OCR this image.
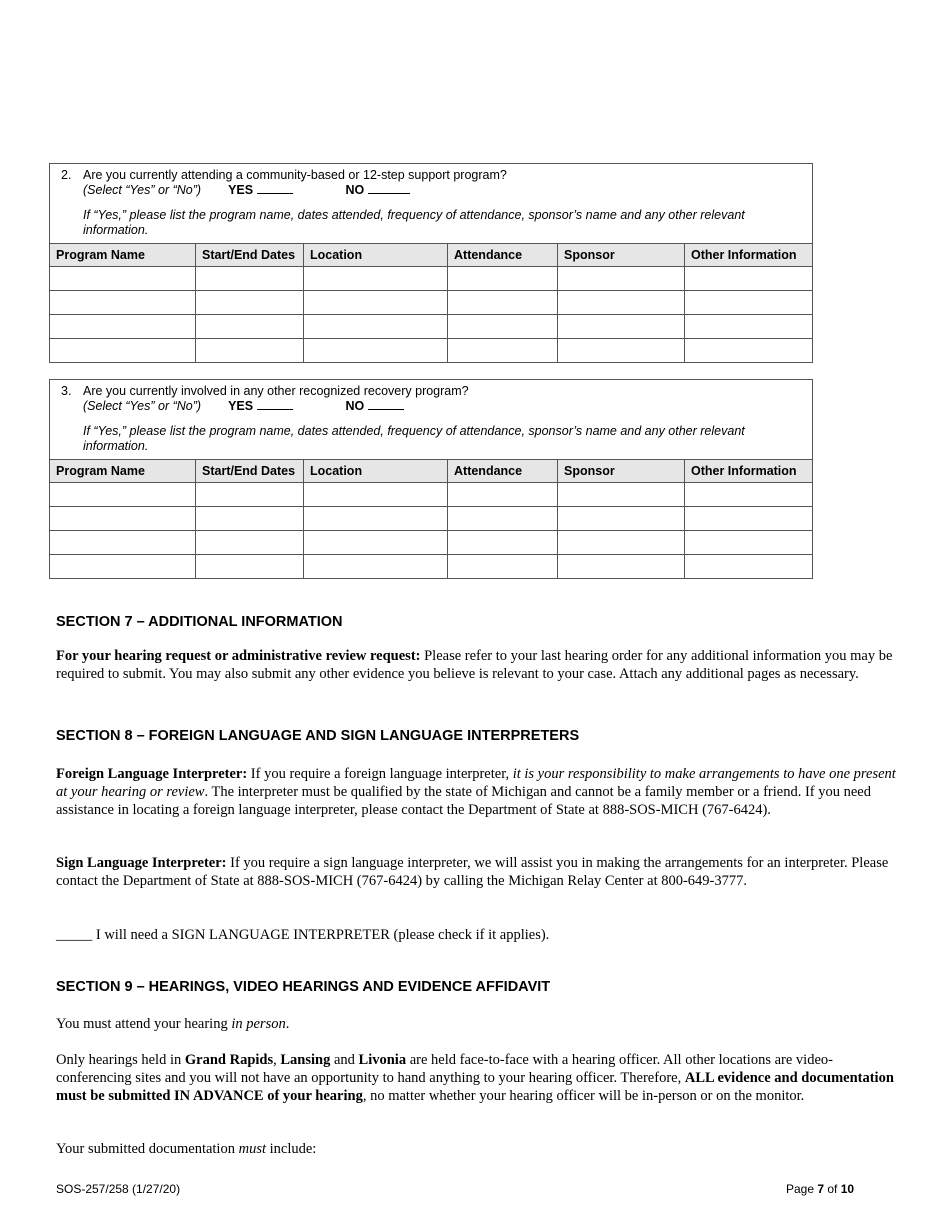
2. Are you currently attending a community-based or 12-step support program?
(Select “Yes” or “No”) YES NO
If “Yes,” please list the program name, dates attended, frequency of attendance, sponsor’s name and any other relevant information.					

Program Name	Start/End Dates	Location	Attendance	Sponsor	Other Information

3. Are you currently involved in any other recognized recovery program?
(Select “Yes” or “No”) YES NO
If “Yes,” please list the program name, dates attended, frequency of attendance, sponsor’s name and any other relevant information.					

Program Name	Start/End Dates	Location	Attendance	Sponsor	Other Information

SECTION 7 – ADDITIONAL INFORMATION
For your hearing request or administrative review request: Please refer to your last hearing order for any additional information you may be required to submit. You may also submit any other evidence you believe is relevant to your case. Attach any additional pages as necessary.
SECTION 8 – FOREIGN LANGUAGE AND SIGN LANGUAGE INTERPRETERS
Foreign Language Interpreter: If you require a foreign language interpreter, it is your responsibility to make arrangements to have one present at your hearing or review. The interpreter must be qualified by the state of Michigan and cannot be a family member or a friend. If you need assistance in locating a foreign language interpreter, please contact the Department of State at 888-SOS-MICH (767-6424).
Sign Language Interpreter: If you require a sign language interpreter, we will assist you in making the arrangements for an interpreter. Please contact the Department of State at 888-SOS-MICH (767-6424) by calling the Michigan Relay Center at 800-649-3777.
_____ I will need a SIGN LANGUAGE INTERPRETER (please check if it applies).
SECTION 9 – HEARINGS, VIDEO HEARINGS AND EVIDENCE AFFIDAVIT
You must attend your hearing in person.
Only hearings held in Grand Rapids, Lansing and Livonia are held face-to-face with a hearing officer. All other locations are video-conferencing sites and you will not have an opportunity to hand anything to your hearing officer. Therefore, ALL evidence and documentation must be submitted IN ADVANCE of your hearing, no matter whether your hearing officer will be in-person or on the monitor.
Your submitted documentation must include:
SOS-257/258 (1/27/20)	Page 7 of 10
